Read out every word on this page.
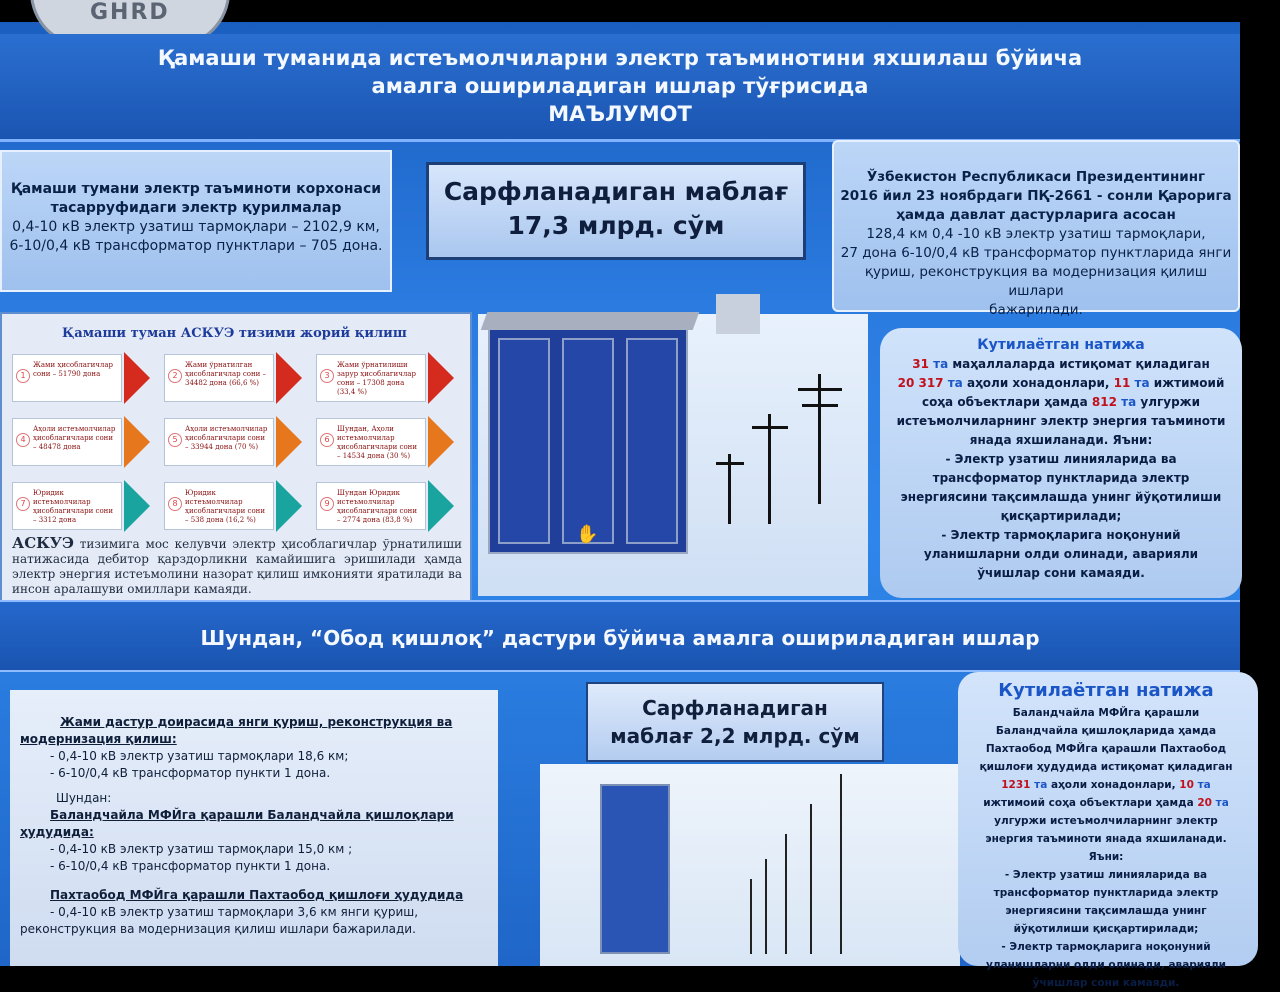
Қамаши туманида истеъмолчиларни электр таъминотини яхшилаш бўйича
амалга ошириладиган ишлар тўғрисида
МАЪЛУМОТ
Қамаши тумани электр таъминоти корхонаси
тасарруфидаги электр қурилмалар
0,4-10 кВ электр узатиш тармоқлари – 2102,9 км,
6-10/0,4 кВ трансформатор пунктлари – 705 дона.
Сарфланадиган маблағ
17,3 млрд. сўм
Ўзбекистон Республикаси Президентининг
2016 йил 23 ноябрдаги ПҚ-2661 - сонли Қарорига
ҳамда давлат дастурларига асосан
128,4 км 0,4 -10 кВ электр узатиш тармоқлари,
27 дона 6-10/0,4 кВ трансформатор пунктларида янги
қуриш, реконструкция ва модернизация қилиш ишлари
бажарилади.
Қамаши туман АСКУЭ тизими жорий қилиш
1
Жами ҳисоблагичлар сони – 51790 дона	2
Жами ўрнатилган ҳисоблагичлар сони – 34482 дона (66,6 %)
3
Жами ўрнатилиши зарур ҳисоблагичлар сони – 17308 дона (33,4 %)
4
Аҳоли истеъмолчилар ҳисоблагичлари сони – 48478 дона
5
Аҳоли истеъмолчилар ҳисоблагичлари сони – 33944 дона (70 %)
6
Шундан, Аҳоли истеъмолчилар ҳисоблагичлари сони – 14534 дона (30 %)
7
Юридик истеъмолчилар ҳисоблагичлари сони – 3312 дона
8
Юридик истеъмолчилар ҳисоблагичлари сони – 538 дона (16,2 %)
9
Шундан Юридик истеъмолчилар ҳисоблагичлари сони – 2774 дона (83,8 %)
АСКУЭ тизимига мос келувчи электр ҳисоблагичлар ўрнатилиши натижасида дебитор қарздорликни камайишига эришилади ҳамда электр энергия истеъмолини назорат қилиш имконияти яратилади ва инсон аралашуви омиллари камаяди.
✋
Кутилаётган натижа
31 та маҳаллаларда истиқомат қиладиган
20 317 та аҳоли хонадонлари, 11 та ижтимоий
соҳа объектлари ҳамда 812 та улгуржи
истеъмолчиларнинг электр энергия таъминоти
янада яхшиланади. Яъни:
- Электр узатиш линияларида ва
трансформатор пунктларида электр
энергиясини тақсимлашда унинг йўқотилиши
қисқартирилади;
- Электр тармоқларига ноқонуний
уланишларни олди олинади, аварияли
ўчишлар сони камаяди.
Шундан, “Обод қишлоқ” дастури бўйича амалга ошириладиган ишлар
Жами дастур доирасида янги қуриш, реконструкция ва
модернизация қилиш:
- 0,4-10 кВ электр узатиш тармоқлари 18,6 км;
- 6-10/0,4 кВ трансформатор пункти 1 дона.
Шундан:
Баландчайла МФЙга қарашли Баландчайла қишлоқлари
ҳудудида:
- 0,4-10 кВ электр узатиш тармоқлари 15,0 км ;
- 6-10/0,4 кВ трансформатор пункти 1 дона.
Пахтаобод МФЙга қарашли Пахтаобод қишлоғи ҳудудида
- 0,4-10 кВ электр узатиш тармоқлари 3,6 км янги қуриш,
реконструкция ва модернизация қилиш ишлари бажарилади.
Сарфланадиган
маблағ 2,2 млрд. сўм
Кутилаётган натижа
Баландчайла МФЙга қарашли
Баландчайла қишлоқларида ҳамда
Пахтаобод МФЙга қарашли Пахтаобод
қишлоғи ҳудудида истиқомат қиладиган
1231 та аҳоли хонадонлари, 10 та
ижтимоий соҳа объектлари ҳамда 20 та
улгуржи истеъмолчиларнинг электр
энергия таъминоти янада яхшиланади.
Яъни:
- Электр узатиш линияларида ва
трансформатор пунктларида электр
энергиясини тақсимлашда унинг
йўқотилиши қисқартирилади;
- Электр тармоқларига ноқонуний
уланишларни олди олинади, аварияли
ўчишлар сони камаяди.
GHRD
